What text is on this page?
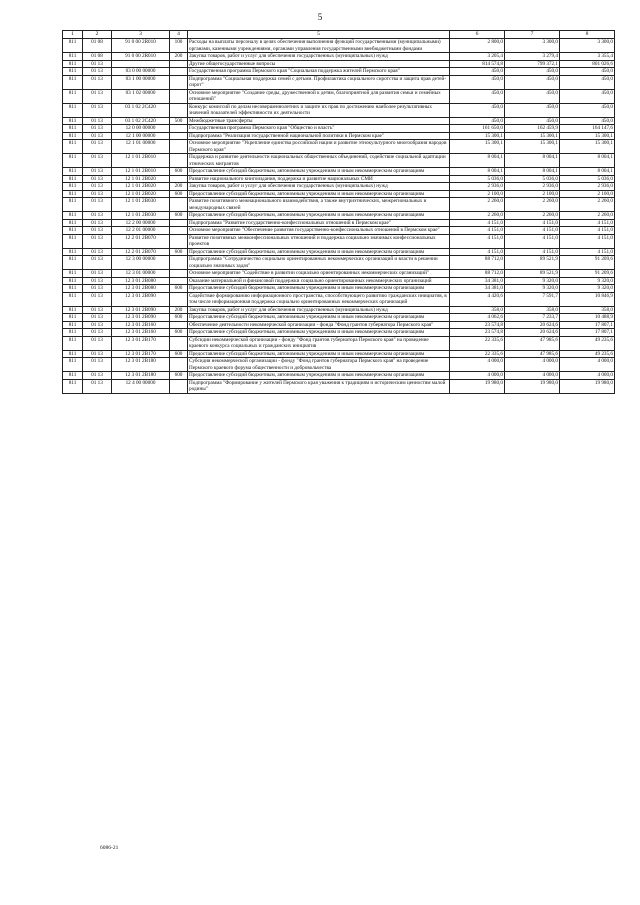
5
1	2	3	4	5	6	7	8
811	01 08	91 0 00 2R010	100	Расходы на выплаты персоналу в целях обеспечения выполнения функций государственными (муниципальными) органами, казенными учреждениями, органами управления государственными внебюджетными фондами	2 800,0	3 300,0	3 300,0
811	01 08	91 0 00 2R010	200	Закупка товаров, работ и услуг для обеспечения государственных (муниципальных) нужд	3 205,4	3 279,4	3 355,4
811	01 13			Другие общегосударственные вопросы	814 574,8	799 372,1	801 026,6
811	01 13	03 0 00 00000		Государственная программа Пермского края "Социальная поддержка жителей Пермского края"	450,0	450,0	450,0
811	01 13	03 1 00 00000		Подпрограмма "Социальная поддержка семей с детьми. Профилактика социального сиротства и защита прав детей-сирот"	450,0	450,0	450,0
811	01 13	03 1 02 00000		Основное мероприятие "Создание среды, дружественной к детям, благоприятной для развития семьи и семейных отношений"	450,0	450,0	450,0
811	01 13	03 1 02 2C420		Конкурс комиссий по делам несовершеннолетних и защите их прав по достижению наиболее результативных значений показателей эффективности их деятельности	450,0	450,0	450,0
811	01 13	03 1 02 2C420	500	Межбюджетные трансферты	450,0	450,0	450,0
811	01 13	12 0 00 00000		Государственная программа Пермского края "Общество и власть"	161 650,0	162 459,9	164 147,6
811	01 13	12 1 00 00000		Подпрограмма "Реализация государственной национальной политики в Пермском крае"	15 300,1	15 300,1	15 300,1
811	01 13	12 1 01 00000		Основное мероприятие "Укрепление единства российской нации и развитие этнокультурного многообразия народов Пермского края"	15 300,1	15 300,1	15 300,1
811	01 13	12 1 01 2B010		Поддержка и развитие деятельности национальных общественных объединений, содействие социальной адаптации этнических мигрантов	8 004,1	8 004,1	8 004,1
811	01 13	12 1 01 2B010	600	Предоставление субсидий бюджетным, автономным учреждениям и иным некоммерческим организациям	8 004,1	8 004,1	8 004,1
811	01 13	12 1 01 2B020		Развитие национального книгоиздания, поддержка и развитие национальных СМИ	5 036,0	5 036,0	5 036,0
811	01 13	12 1 01 2B020	200	Закупка товаров, работ и услуг для обеспечения государственных (муниципальных) нужд	2 936,0	2 936,0	2 936,0
811	01 13	12 1 01 2B020	600	Предоставление субсидий бюджетным, автономным учреждениям и иным некоммерческим организациям	2 100,0	2 100,0	2 100,0
811	01 13	12 1 01 2B030		Развитие позитивного межнационального взаимодействия, а также внутриэтнических, межрегиональных и международных связей	2 260,0	2 260,0	2 260,0
811	01 13	12 1 01 2B030	600	Предоставление субсидий бюджетным, автономным учреждениям и иным некоммерческим организациям	2 260,0	2 260,0	2 260,0
811	01 13	12 2 00 00000		Подпрограмма "Развитие государственно-конфессиональных отношений в Пермском крае"	4 151,0	4 151,0	4 151,0
811	01 13	12 2 01 00000		Основное мероприятие "Обеспечение развития государственно-конфессиональных отношений в Пермском крае"	4 151,0	4 151,0	4 151,0
811	01 13	12 2 01 2B070		Развитие позитивных межконфессиональных отношений и поддержка социально значимых конфессиональных проектов	4 151,0	4 151,0	4 151,0
811	01 13	12 2 01 2B070	600	Предоставление субсидий бюджетным, автономным учреждениям и иным некоммерческим организациям	4 151,0	4 151,0	4 151,0
811	01 13	12 3 00 00000		Подпрограмма "Сотрудничество социально ориентированных некоммерческих организаций и власти в решении социально значимых задач"	88 712,0	89 521,9	91 209,6
811	01 13	12 3 01 00000		Основное мероприятие "Содействие в развитии социально ориентированных некоммерческих организаций"	88 712,0	89 521,9	91 209,6
811	01 13	12 3 01 2B080		Оказание материальной и финансовой поддержки социально ориентированных некоммерческих организаций	34 381,0	9 320,0	9 320,0
811	01 13	12 3 01 2B080	600	Предоставление субсидий бюджетным, автономным учреждениям и иным некоммерческим организациям	34 381,0	9 320,0	9 320,0
811	01 13	12 3 01 2B090		Содействие формированию информационного пространства, способствующего развитию гражданских инициатив, в том числе информационная поддержка социально ориентированных некоммерческих организаций	4 420,6	7 591,7	10 846,9
811	01 13	12 3 01 2B090	200	Закупка товаров, работ и услуг для обеспечения государственных (муниципальных) нужд	358,0	358,0	358,0
811	01 13	12 3 01 2B090	600	Предоставление субсидий бюджетным, автономным учреждениям и иным некоммерческим организациям	4 062,6	7 233,7	10 488,9
811	01 13	12 3 01 2B160		Обеспечение деятельности некоммерческой организации - фонда "Фонд грантов губернатора Пермского края"	23 574,8	20 624,6	17 807,1
811	01 13	12 3 01 2B160	600	Предоставление субсидий бюджетным, автономным учреждениям и иным некоммерческим организациям	23 574,8	20 624,6	17 807,1
811	01 13	12 3 01 2B170		Субсидии некоммерческой организации - фонду "Фонд грантов губернатора Пермского края" на проведение краевого конкурса социальных и гражданских инициатив	22 335,6	47 985,6	49 235,6
811	01 13	12 3 01 2B170	600	Предоставление субсидий бюджетным, автономным учреждениям и иным некоммерческим организациям	22 335,6	47 985,6	49 235,6
811	01 13	12 3 01 2B180		Субсидия некоммерческой организации - фонду "Фонд грантов губернатора Пермского края" на проведение Пермского краевого форума общественности и добровольчества	4 000,0	4 000,0	4 000,0
811	01 13	12 3 01 2B180	600	Предоставление субсидий бюджетным, автономным учреждениям и иным некоммерческим организациям	4 000,0	4 000,0	4 000,0
811	01 13	12 4 00 00000		Подпрограмма "Формирование у жителей Пермского края уважения к традициям и историческим ценностям малой родины"	19 980,0	19 980,0	19 980,0
6086-21
